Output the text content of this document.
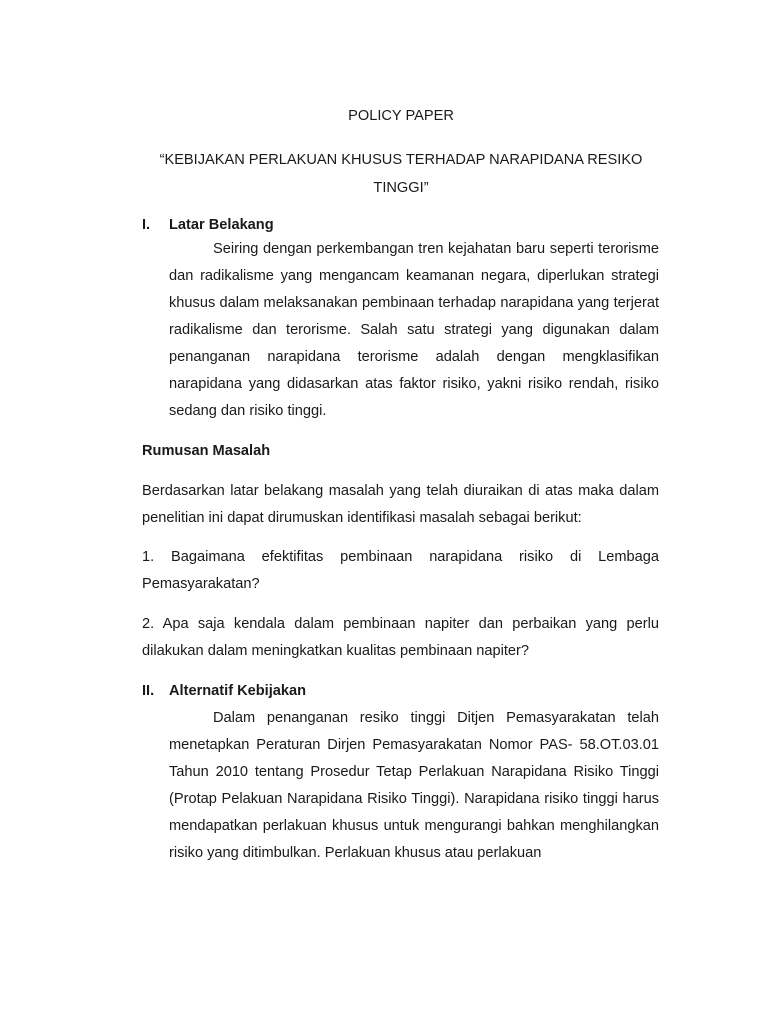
POLICY PAPER
“KEBIJAKAN PERLAKUAN KHUSUS TERHADAP NARAPIDANA RESIKO TINGGI”
I. Latar Belakang

Seiring dengan perkembangan tren kejahatan baru seperti terorisme dan radikalisme yang mengancam keamanan negara, diperlukan strategi khusus dalam melaksanakan pembinaan terhadap narapidana yang terjerat radikalisme dan terorisme. Salah satu strategi yang digunakan dalam penanganan narapidana terorisme adalah dengan mengklasifikan narapidana yang didasarkan atas faktor risiko, yakni risiko rendah, risiko sedang dan risiko tinggi.

Rumusan Masalah

Berdasarkan latar belakang masalah yang telah diuraikan di atas maka dalam penelitian ini dapat dirumuskan identifikasi masalah sebagai berikut:

1. Bagaimana efektifitas pembinaan narapidana risiko di Lembaga Pemasyarakatan?

2. Apa saja kendala dalam pembinaan napiter dan perbaikan yang perlu dilakukan dalam meningkatkan kualitas pembinaan napiter?

II. Alternatif Kebijakan

Dalam penanganan resiko tinggi Ditjen Pemasyarakatan telah menetapkan Peraturan Dirjen Pemasyarakatan Nomor PAS- 58.OT.03.01 Tahun 2010 tentang Prosedur Tetap Perlakuan Narapidana Risiko Tinggi (Protap Pelakuan Narapidana Risiko Tinggi). Narapidana risiko tinggi harus mendapatkan perlakuan khusus untuk mengurangi bahkan menghilangkan risiko yang ditimbulkan. Perlakuan khusus atau perlakuan
